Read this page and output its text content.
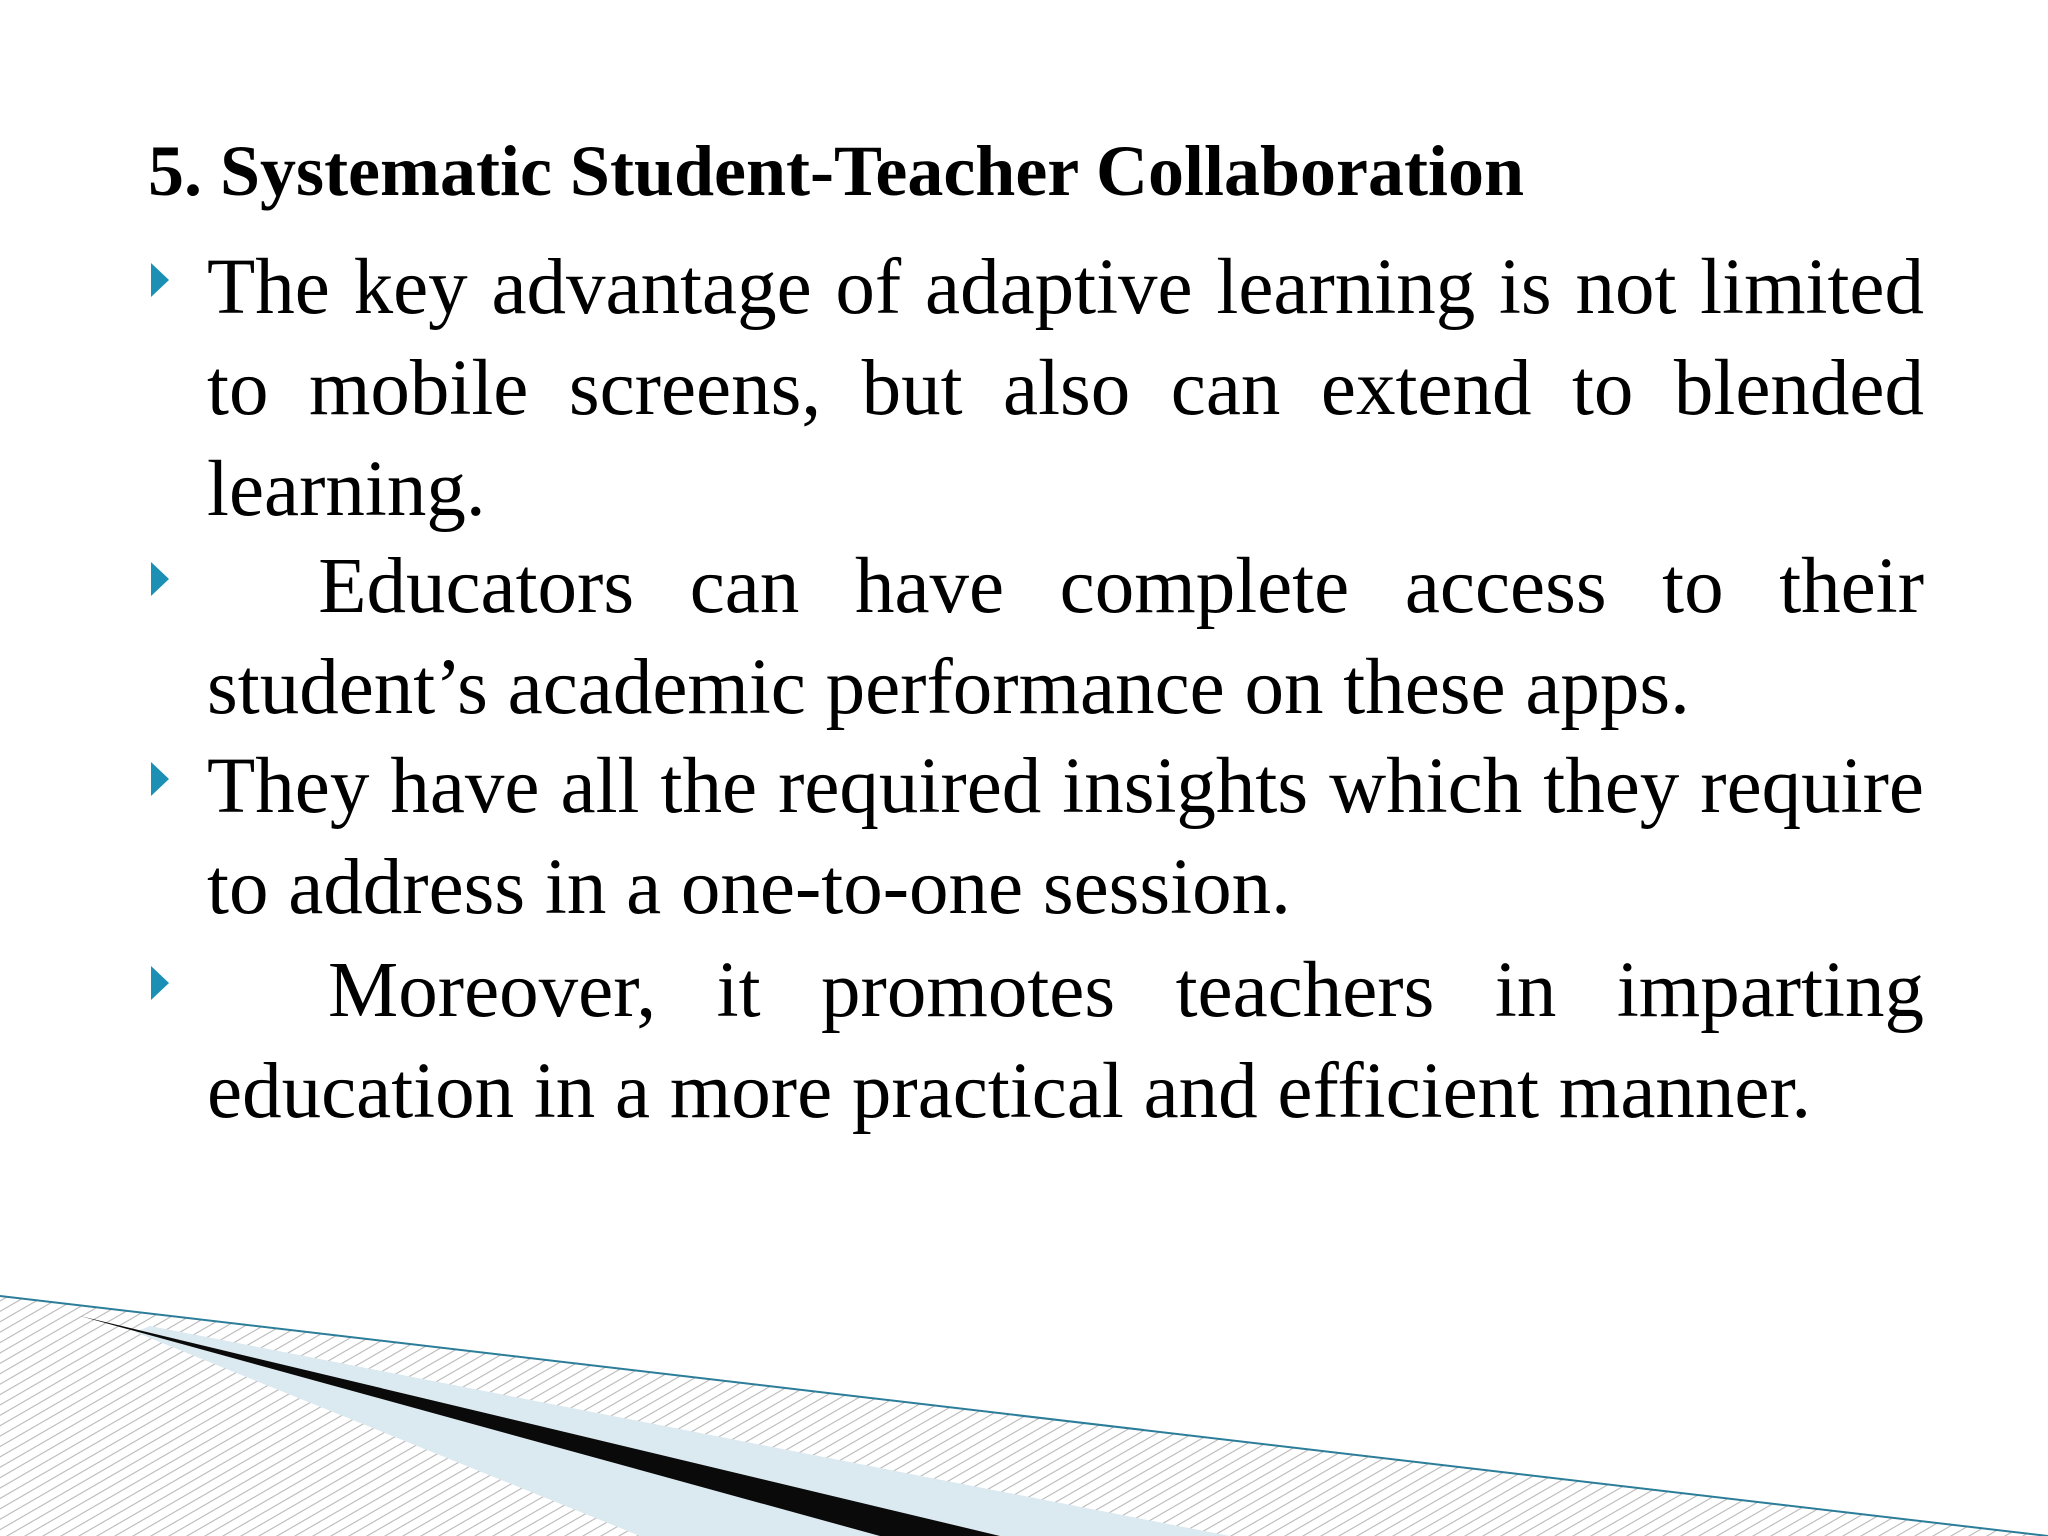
5. Systematic Student-Teacher Collaboration

The key advantage of adaptive learning is not limited to mobile screens, but also can extend to blended learning.

Educators can have complete access to their student’s academic performance on these apps.

They have all the required insights which they require to address in a one-to-one session.

Moreover, it promotes teachers in imparting education in a more practical and efficient manner.
